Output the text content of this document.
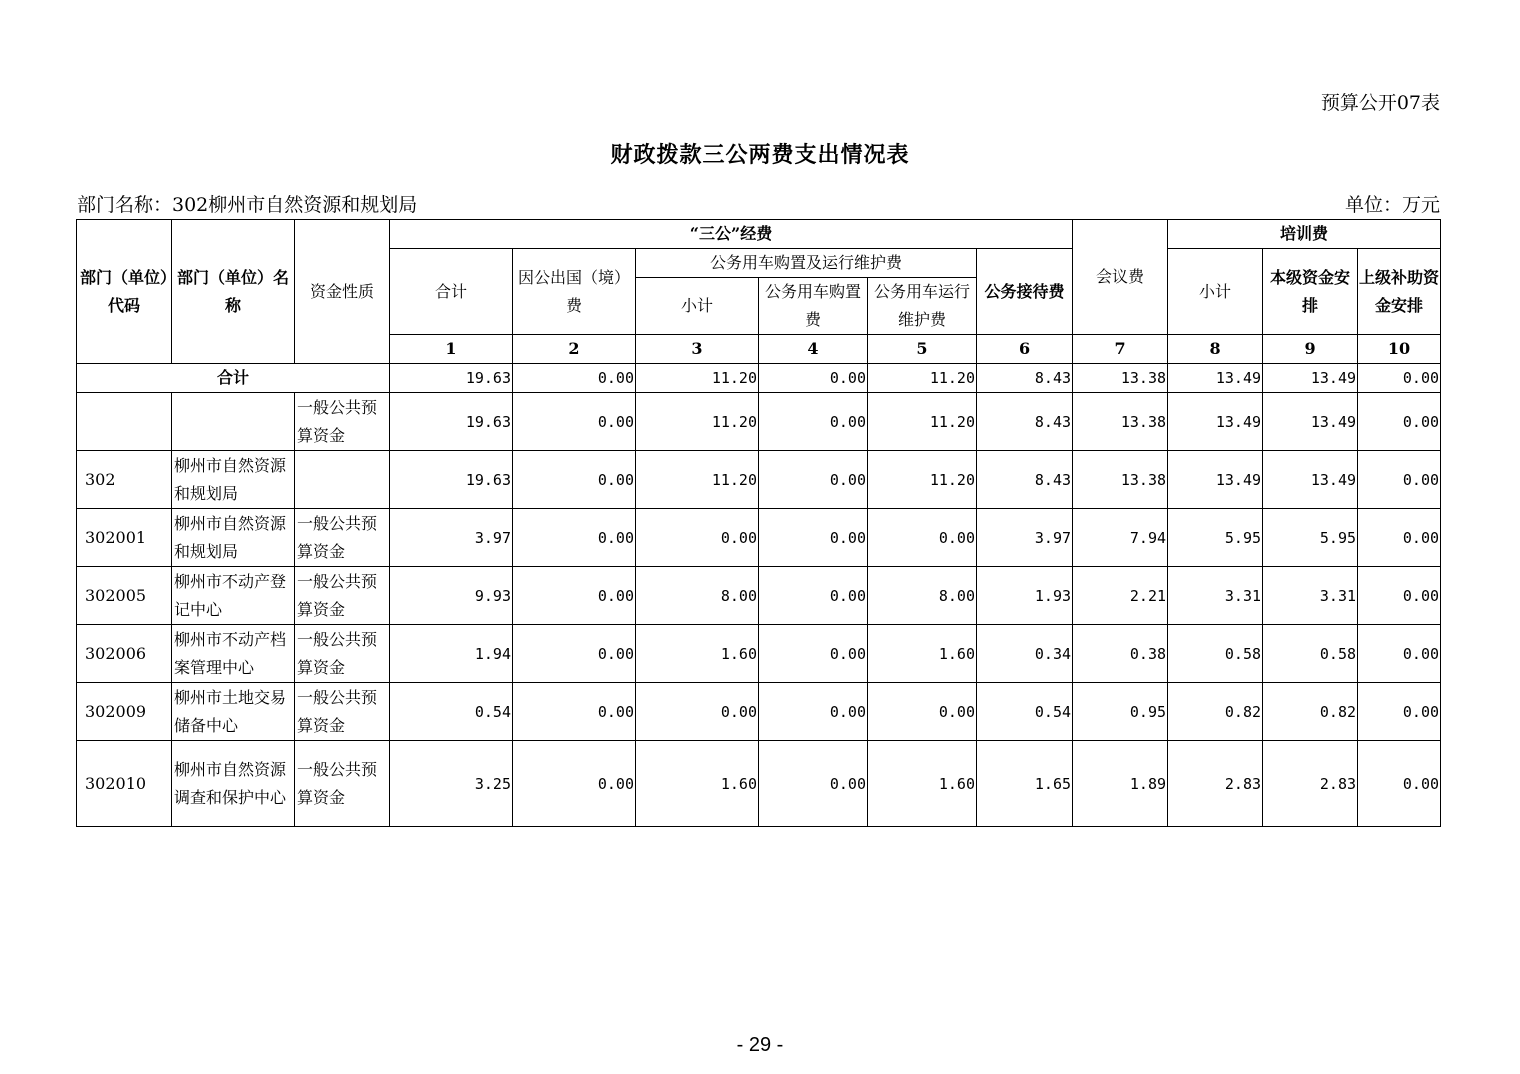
预算公开07表
财政拨款三公两费支出情况表
部门名称：302柳州市自然资源和规划局	单位：万元
部门（单位）代码	部门（单位）名称	资金性质	“三公”经费						会议费	培训费		
			合计	因公出国（境）费	公务用车购置及运行维护费			公务接待费		小计	本级资金安排	上级补助资金安排
					小计	公务用车购置费	公务用车运行维护费					
			1	2	3	4	5	6	7	8	9	10
合计			19.63	0.00	11.20	0.00	11.20	8.43	13.38	13.49	13.49	0.00
		一般公共预算资金	19.63	0.00	11.20	0.00	11.20	8.43	13.38	13.49	13.49	0.00
302	柳州市自然资源和规划局		19.63	0.00	11.20	0.00	11.20	8.43	13.38	13.49	13.49	0.00
302001	柳州市自然资源和规划局	一般公共预算资金	3.97	0.00	0.00	0.00	0.00	3.97	7.94	5.95	5.95	0.00
302005	柳州市不动产登记中心	一般公共预算资金	9.93	0.00	8.00	0.00	8.00	1.93	2.21	3.31	3.31	0.00
302006	柳州市不动产档案管理中心	一般公共预算资金	1.94	0.00	1.60	0.00	1.60	0.34	0.38	0.58	0.58	0.00
302009	柳州市土地交易储备中心	一般公共预算资金	0.54	0.00	0.00	0.00	0.00	0.54	0.95	0.82	0.82	0.00
302010	柳州市自然资源调查和保护中心	一般公共预算资金	3.25	0.00	1.60	0.00	1.60	1.65	1.89	2.83	2.83	0.00
- 29 -
